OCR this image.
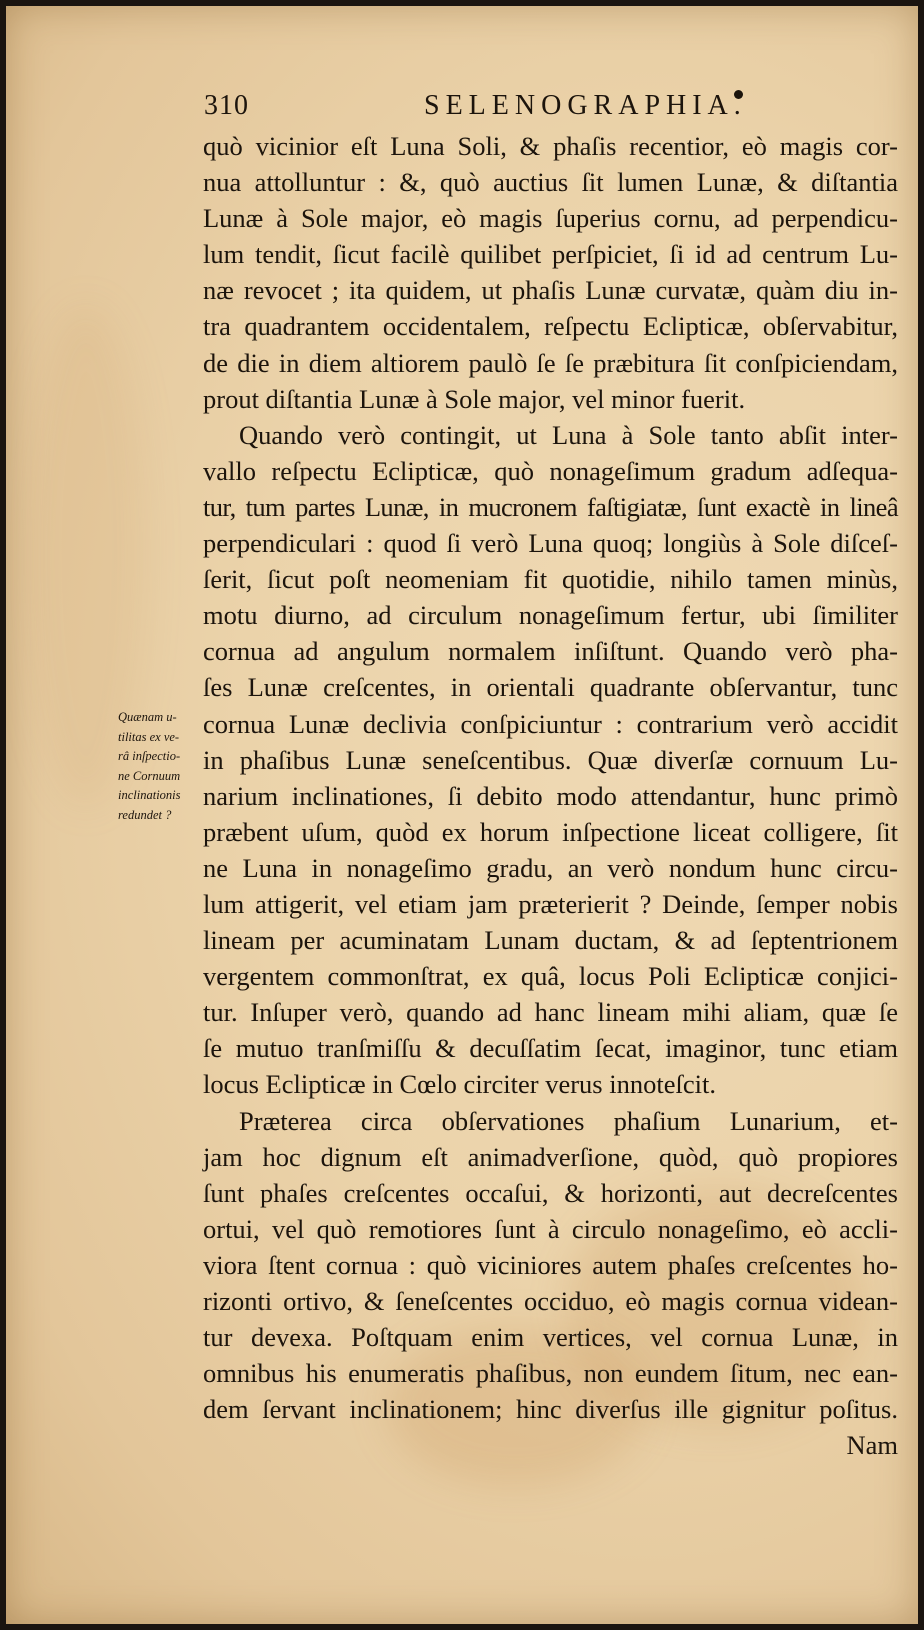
310	SELENOGRAPHIA.
Quænam u-
tilitas ex ve-
râ inſpectio-
ne Cornuum
inclinationis
redundet ?
quò vicinior eſt Luna Soli, & phaſis recentior, eò magis cor-
nua attolluntur : &, quò auctius ſit lumen Lunæ, & diſtantia
Lunæ à Sole major, eò magis ſuperius cornu, ad perpendicu-
lum tendit, ſicut facilè quilibet perſpiciet, ſi id ad centrum Lu-
næ revocet ; ita quidem, ut phaſis Lunæ curvatæ, quàm diu in-
tra quadrantem occidentalem, reſpectu Eclipticæ, obſervabitur,
de die in diem altiorem paulò ſe ſe præbitura ſit conſpiciendam,
prout diſtantia Lunæ à Sole major, vel minor fuerit.
Quando verò contingit, ut Luna à Sole tanto abſit inter-
vallo reſpectu Eclipticæ, quò nonageſimum gradum adſequa-
tur, tum partes Lunæ, in mucronem faſtigiatæ, ſunt exactè in lineâ
perpendiculari : quod ſi verò Luna quoq; longiùs à Sole diſceſ-
ſerit, ſicut poſt neomeniam fit quotidie, nihilo tamen minùs,
motu diurno, ad circulum nonageſimum fertur, ubi ſimiliter
cornua ad angulum normalem inſiſtunt. Quando verò pha-
ſes Lunæ creſcentes, in orientali quadrante obſervantur, tunc
cornua Lunæ declivia conſpiciuntur : contrarium verò accidit
in phaſibus Lunæ seneſcentibus. Quæ diverſæ cornuum Lu-
narium inclinationes, ſi debito modo attendantur, hunc primò
præbent uſum, quòd ex horum inſpectione liceat colligere, ſit
ne Luna in nonageſimo gradu, an verò nondum hunc circu-
lum attigerit, vel etiam jam præterierit ? Deinde, ſemper nobis
lineam per acuminatam Lunam ductam, & ad ſeptentrionem
vergentem commonſtrat, ex quâ, locus Poli Eclipticæ conjici-
tur. Inſuper verò, quando ad hanc lineam mihi aliam, quæ ſe
ſe mutuo tranſmiſſu & decuſſatim ſecat, imaginor, tunc etiam
locus Eclipticæ in Cœlo circiter verus innoteſcit.
Præterea circa obſervationes phaſium Lunarium, et-
jam hoc dignum eſt animadverſione, quòd, quò propiores
ſunt phaſes creſcentes occaſui, & horizonti, aut decreſcentes
ortui, vel quò remotiores ſunt à circulo nonageſimo, eò accli-
viora ſtent cornua : quò viciniores autem phaſes creſcentes ho-
rizonti ortivo, & ſeneſcentes occiduo, eò magis cornua videan-
tur devexa. Poſtquam enim vertices, vel cornua Lunæ, in
omnibus his enumeratis phaſibus, non eundem ſitum, nec ean-
dem ſervant inclinationem; hinc diverſus ille gignitur poſitus.
Nam
